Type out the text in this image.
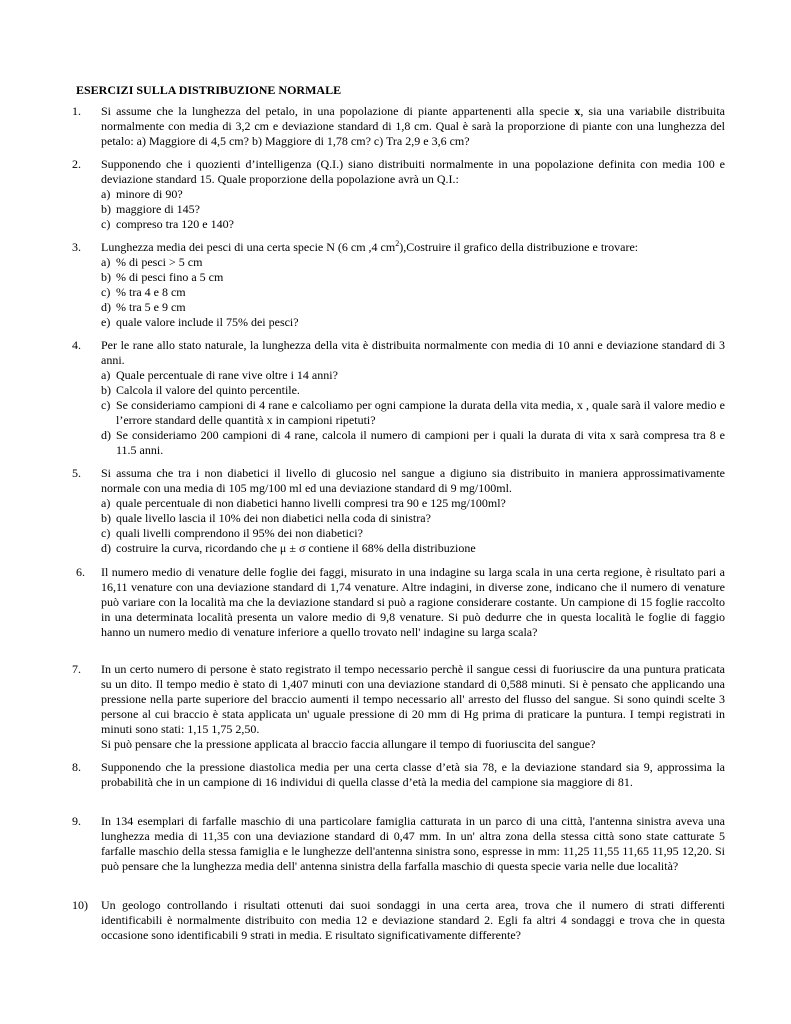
ESERCIZI SULLA DISTRIBUZIONE NORMALE
1.	Si assume che la lunghezza del petalo, in una popolazione di piante appartenenti alla specie x, sia una variabile distribuita normalmente con media di 3,2 cm e deviazione standard di 1,8 cm. Qual è sarà la proporzione di piante con una lunghezza del petalo: a) Maggiore di 4,5 cm? b) Maggiore di 1,78 cm? c) Tra 2,9 e 3,6 cm?

2.	Supponendo che i quozienti d’intelligenza (Q.I.) siano distribuiti normalmente in una popolazione definita con media 100 e deviazione standard 15. Quale proporzione della popolazione avrà un Q.I.:

a) minore di 90?
b) maggiore di 145?
c) compreso tra 120 e 140?
3.	Lunghezza media dei pesci di una certa specie N (6 cm ,4 $cm^2),Costruire$ il grafico della distribuzione e trovare:

a) % di pesci > 5 cm
b) % di pesci fino a 5 cm
c) % tra 4 e 8 cm
d) % tra 5 e 9 cm
e) quale valore include il 75% dei pesci?
4.	Per le rane allo stato naturale, la lunghezza della vita è distribuita normalmente con media di 10 anni e deviazione standard di 3 anni.

a) Quale percentuale di rane vive oltre i 14 anni?
b) Calcola il valore del quinto percentile.
c) Se consideriamo campioni di 4 rane e calcoliamo per ogni campione la durata della vita media, x , quale sarà il valore medio e l’errore standard delle quantità x in campioni ripetuti?
d) Se consideriamo 200 campioni di 4 rane, calcola il numero di campioni per i quali la durata di vita x sarà compresa tra 8 e 11.5 anni.
5.	Si assuma che tra i non diabetici il livello di glucosio nel sangue a digiuno sia distribuito in maniera approssimativamente normale con una media di 105 mg/100 ml ed una deviazione standard di 9 mg/100ml.

a) quale percentuale di non diabetici hanno livelli compresi tra 90 e 125 mg/100ml?
b) quale livello lascia il 10% dei non diabetici nella coda di sinistra?
c) quali livelli comprendono il 95% dei non diabetici?
d) costruire la curva, ricordando che μ ± σ contiene il 68% della distribuzione
6.	Il numero medio di venature delle foglie dei faggi, misurato in una indagine su larga scala in una certa regione, è risultato pari a 16,11 venature con una deviazione standard di 1,74 venature. Altre indagini, in diverse zone, indicano che il numero di venature può variare con la località ma che la deviazione standard si può a ragione considerare costante. Un campione di 15 foglie raccolto in una determinata località presenta un valore medio di 9,8 venature. Si può dedurre che in questa località le foglie di faggio hanno un numero medio di venature inferiore a quello trovato nell' indagine su larga scala?

7.	In un certo numero di persone è stato registrato il tempo necessario perchè il sangue cessi di fuoriuscire da una puntura praticata su un dito. Il tempo medio è stato di 1,407 minuti con una deviazione standard di 0,588 minuti. Si è pensato che applicando una pressione nella parte superiore del braccio aumenti il tempo necessario all' arresto del flusso del sangue. Si sono quindi scelte 3 persone al cui braccio è stata applicata un' uguale pressione di 20 mm di Hg prima di praticare la puntura. I tempi registrati in minuti sono stati: 1,15 1,75 2,50.

Si può pensare che la pressione applicata al braccio faccia allungare il tempo di fuoriuscita del sangue?

8.	Supponendo che la pressione diastolica media per una certa classe d’età sia 78, e la deviazione standard sia 9, approssima la probabilità che in un campione di 16 individui di quella classe d’età la media del campione sia maggiore di 81.

9.	In 134 esemplari di farfalle maschio di una particolare famiglia catturata in un parco di una città, l'antenna sinistra aveva una lunghezza media di 11,35 con una deviazione standard di 0,47 mm. In un' altra zona della stessa città sono state catturate 5 farfalle maschio della stessa famiglia e le lunghezze dell'antenna sinistra sono, espresse in mm: 11,25 11,55 11,65 11,95 12,20. Si può pensare che la lunghezza media dell' antenna sinistra della farfalla maschio di questa specie varia nelle due località?

10)	Un geologo controllando i risultati ottenuti dai suoi sondaggi in una certa area, trova che il numero di strati differenti identificabili è normalmente distribuito con media 12 e deviazione standard 2. Egli fa altri 4 sondaggi e trova che in questa occasione sono identificabili 9 strati in media. E risultato significativamente differente?
